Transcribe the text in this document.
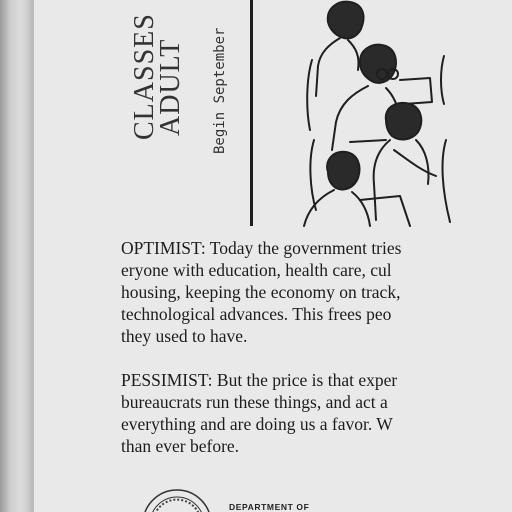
CLASSES
ADULT Begin September
OPTIMIST: Today the government tries
eryone with education, health care, cul
housing, keeping the economy on track,
technological advances. This frees peo
they used to have.
PESSIMIST: But the price is that exper
bureaucrats run these things, and act a
everything and are doing us a favor. W
than ever before.
DEPARTMENT OF
